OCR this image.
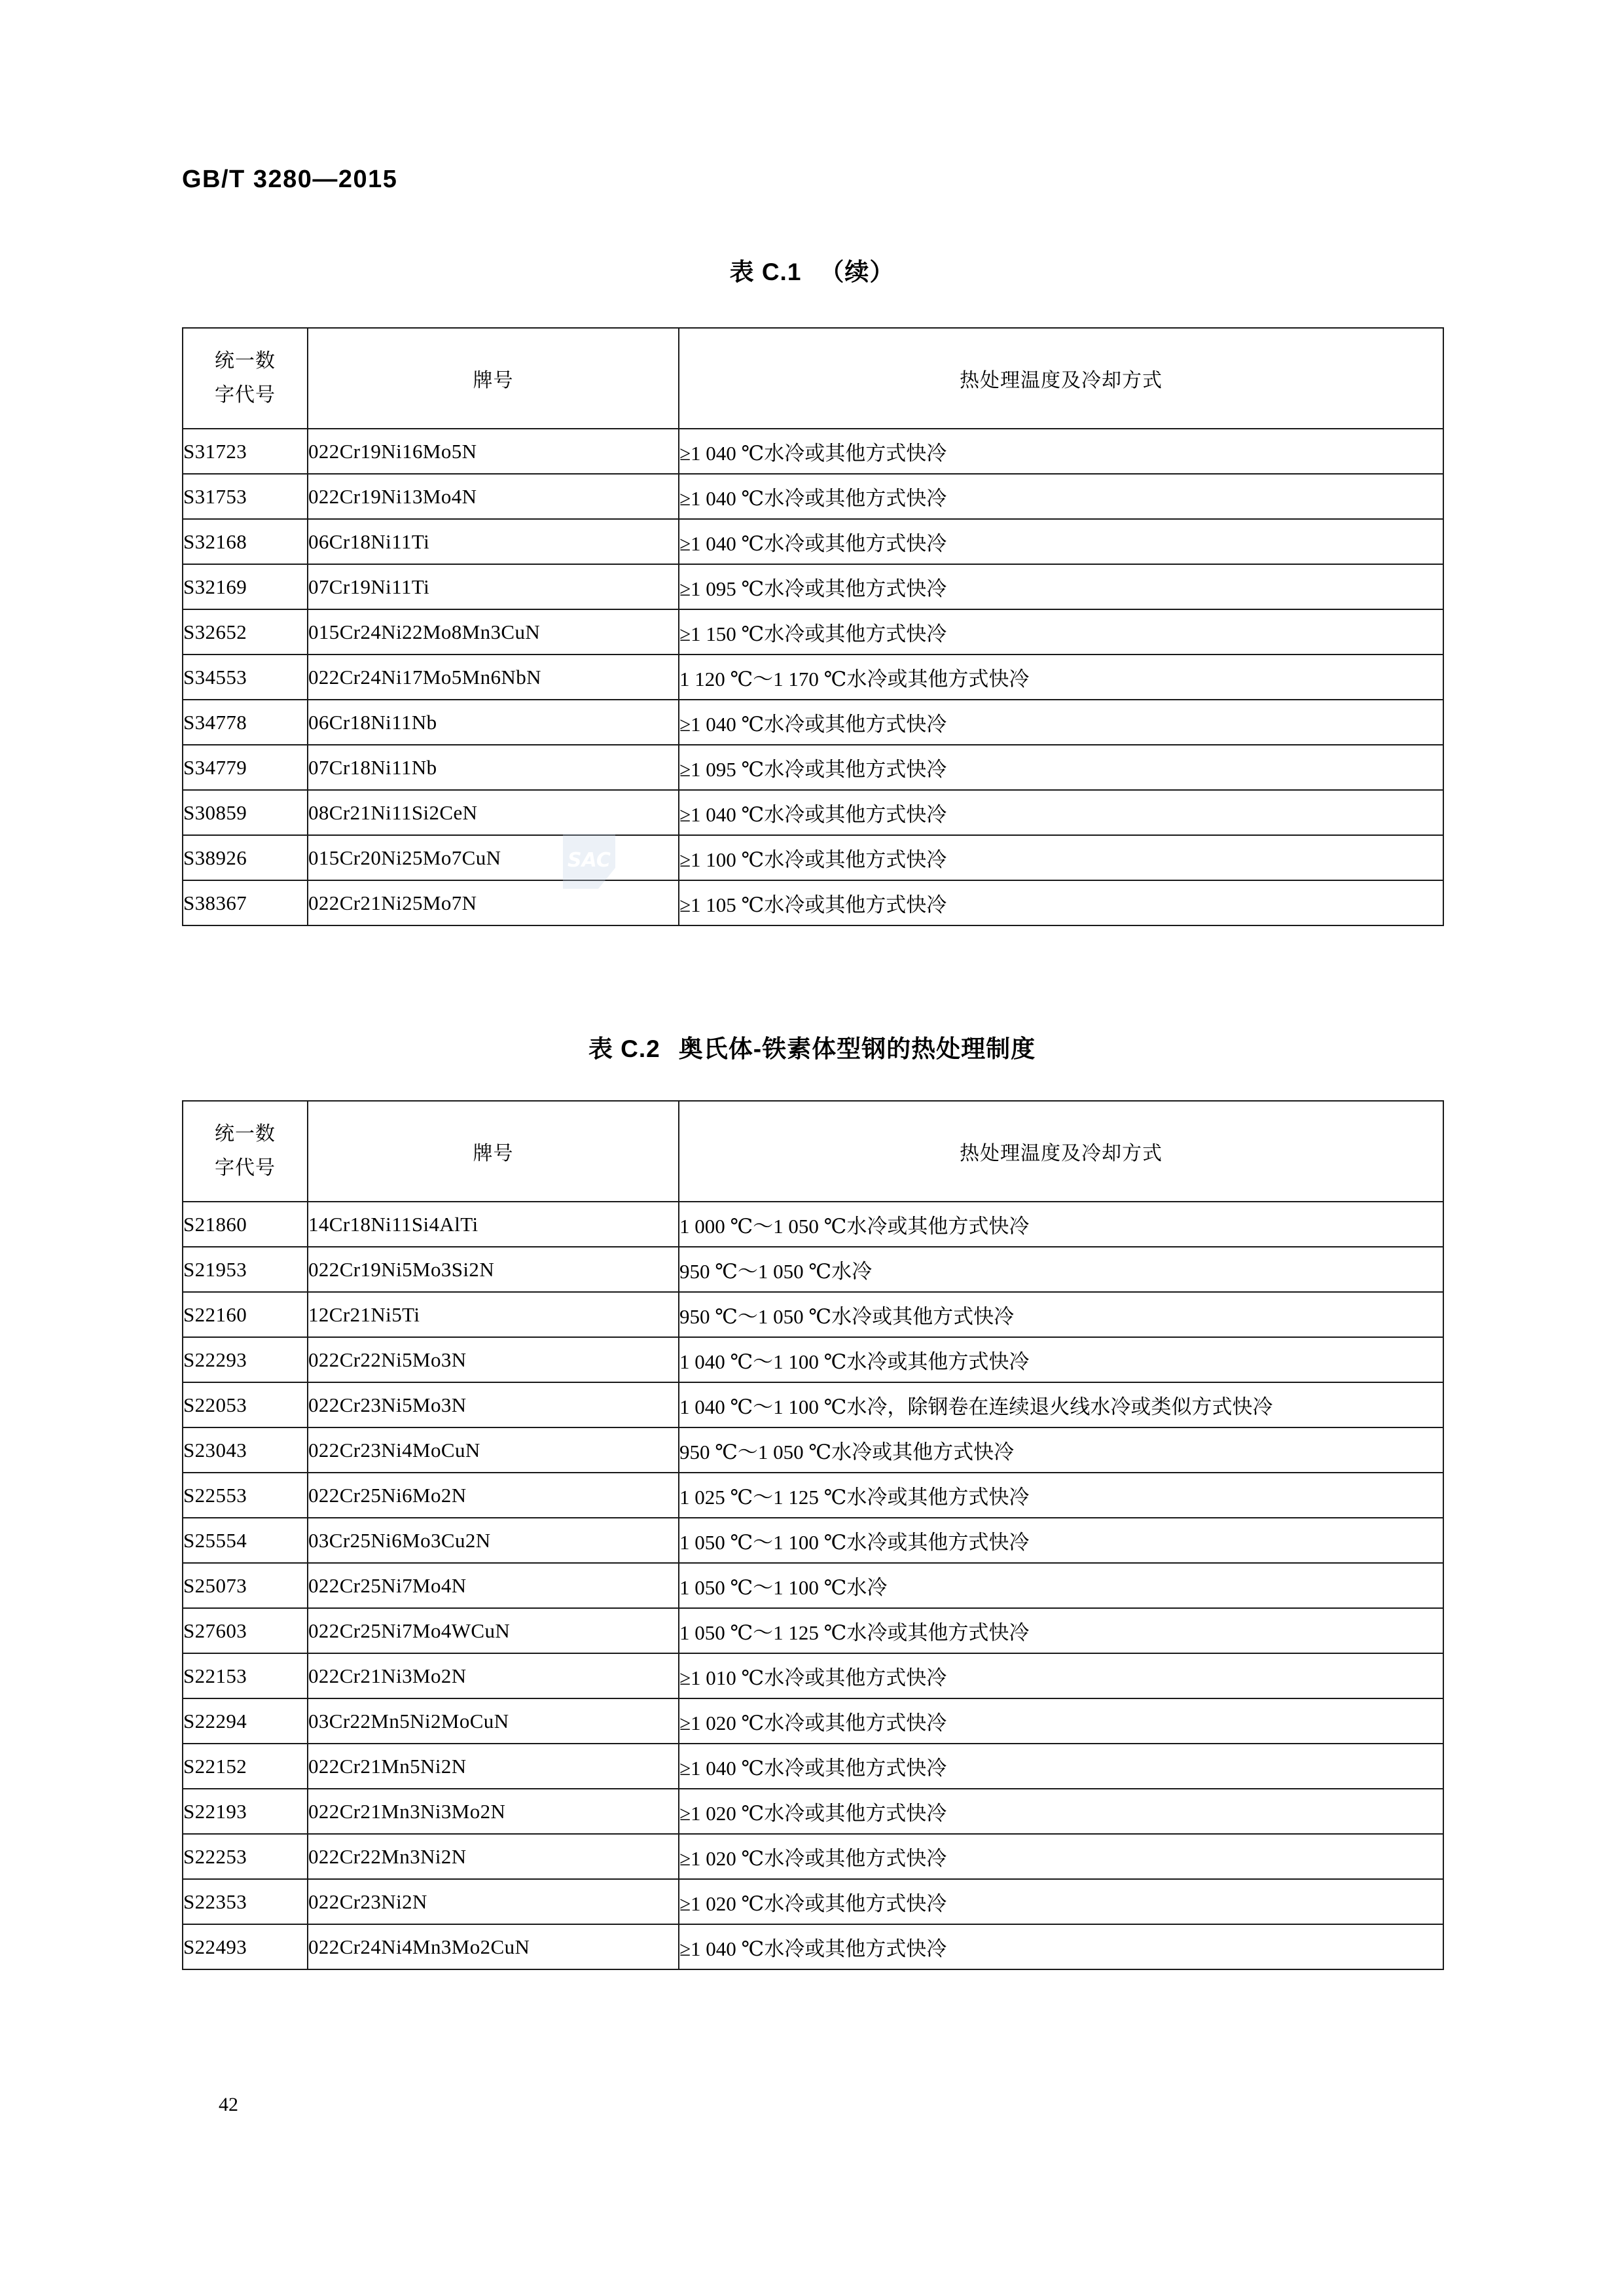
GB/T 3280—2015
表 C.1 （续）
统一数
字代号	牌号	热处理温度及冷却方式
S31723	022Cr19Ni16Mo5N	≥1 040 ℃水冷或其他方式快冷
S31753	022Cr19Ni13Mo4N	≥1 040 ℃水冷或其他方式快冷
S32168	06Cr18Ni11Ti	≥1 040 ℃水冷或其他方式快冷
S32169	07Cr19Ni11Ti	≥1 095 ℃水冷或其他方式快冷
S32652	015Cr24Ni22Mo8Mn3CuN	≥1 150 ℃水冷或其他方式快冷
S34553	022Cr24Ni17Mo5Mn6NbN	1 120 ℃～1 170 ℃水冷或其他方式快冷
S34778	06Cr18Ni11Nb	≥1 040 ℃水冷或其他方式快冷
S34779	07Cr18Ni11Nb	≥1 095 ℃水冷或其他方式快冷
S30859	08Cr21Ni11Si2CeN	≥1 040 ℃水冷或其他方式快冷
S38926	015Cr20Ni25Mo7CuN	≥1 100 ℃水冷或其他方式快冷
S38367	022Cr21Ni25Mo7N	≥1 105 ℃水冷或其他方式快冷
SAC
表 C.2 奥氏体-铁素体型钢的热处理制度
统一数
字代号	牌号	热处理温度及冷却方式
S21860	14Cr18Ni11Si4AlTi	1 000 ℃～1 050 ℃水冷或其他方式快冷
S21953	022Cr19Ni5Mo3Si2N	950 ℃～1 050 ℃水冷
S22160	12Cr21Ni5Ti	950 ℃～1 050 ℃水冷或其他方式快冷
S22293	022Cr22Ni5Mo3N	1 040 ℃～1 100 ℃水冷或其他方式快冷
S22053	022Cr23Ni5Mo3N	1 040 ℃～1 100 ℃水冷，除钢卷在连续退火线水冷或类似方式快冷
S23043	022Cr23Ni4MoCuN	950 ℃～1 050 ℃水冷或其他方式快冷
S22553	022Cr25Ni6Mo2N	1 025 ℃～1 125 ℃水冷或其他方式快冷
S25554	03Cr25Ni6Mo3Cu2N	1 050 ℃～1 100 ℃水冷或其他方式快冷
S25073	022Cr25Ni7Mo4N	1 050 ℃～1 100 ℃水冷
S27603	022Cr25Ni7Mo4WCuN	1 050 ℃～1 125 ℃水冷或其他方式快冷
S22153	022Cr21Ni3Mo2N	≥1 010 ℃水冷或其他方式快冷
S22294	03Cr22Mn5Ni2MoCuN	≥1 020 ℃水冷或其他方式快冷
S22152	022Cr21Mn5Ni2N	≥1 040 ℃水冷或其他方式快冷
S22193	022Cr21Mn3Ni3Mo2N	≥1 020 ℃水冷或其他方式快冷
S22253	022Cr22Mn3Ni2N	≥1 020 ℃水冷或其他方式快冷
S22353	022Cr23Ni2N	≥1 020 ℃水冷或其他方式快冷
S22493	022Cr24Ni4Mn3Mo2CuN	≥1 040 ℃水冷或其他方式快冷
42
